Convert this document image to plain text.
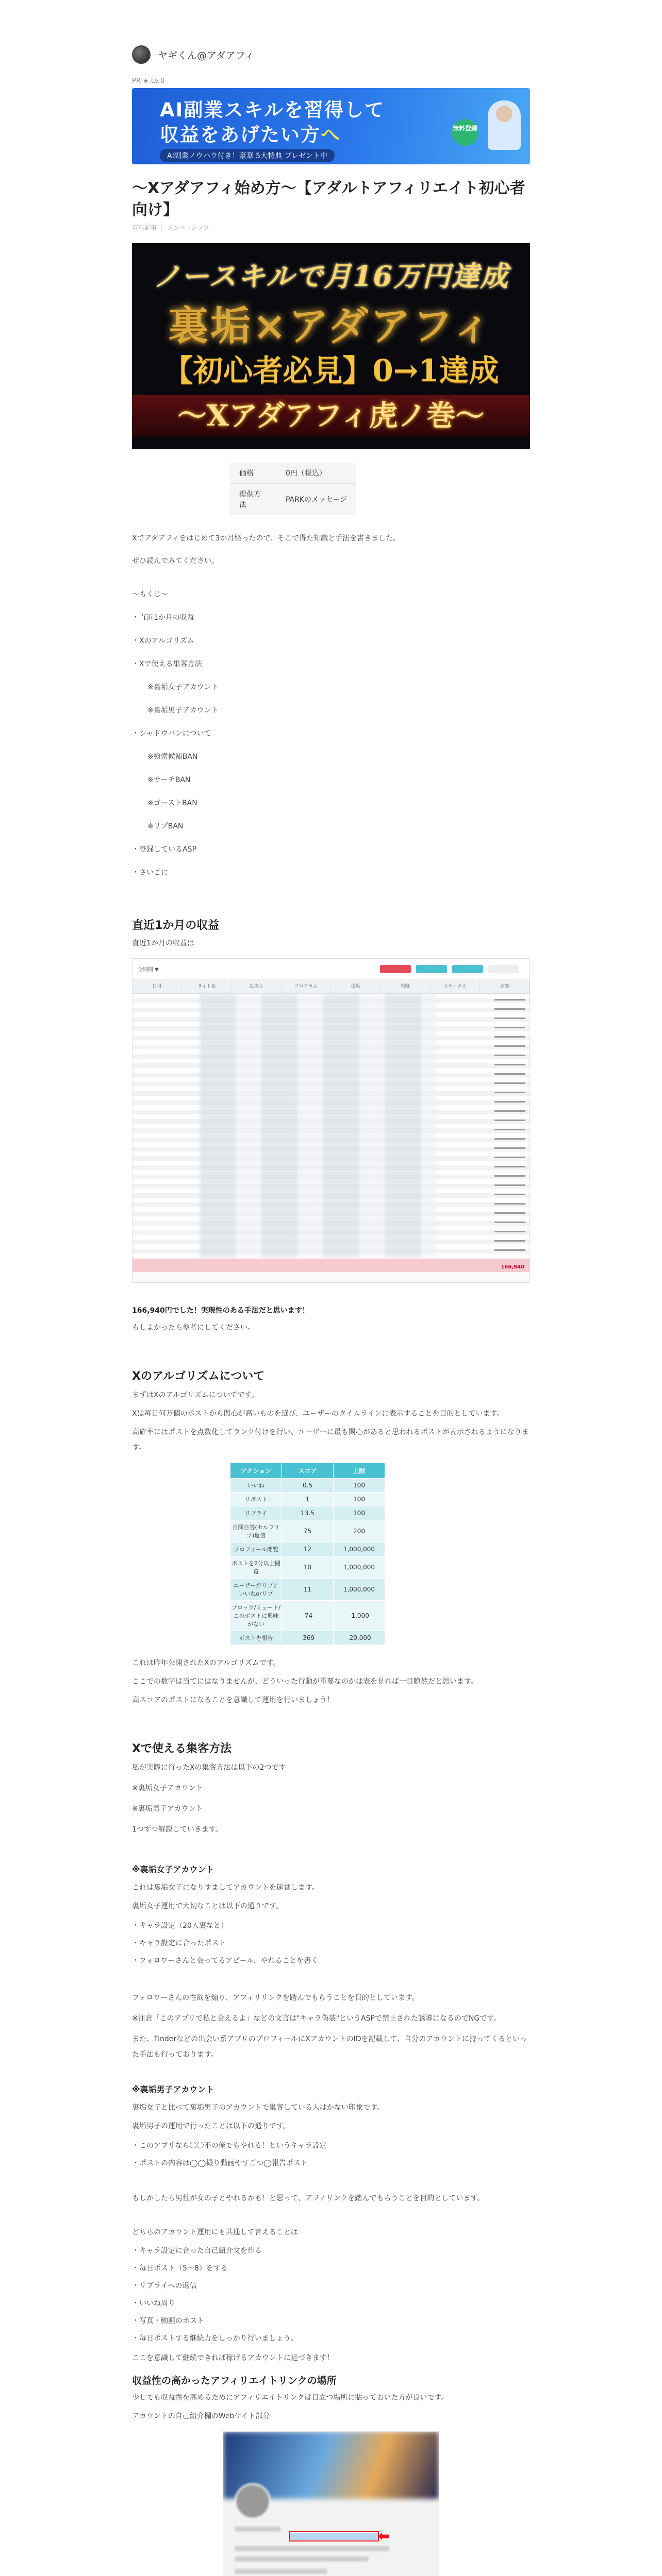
ヤギくん@アダアフィ
PR ★ Lv.0
AI副業スキルを習得して
収益をあげたい方へ
AI副業ノウハウ付き！豪華 5大特典 プレゼント中
無料登録
〜Xアダアフィ始め方〜【アダルトアフィリエイト初心者向け】
有料記事 ｜ メンバーシップ
ノースキルで月16万円達成
裏垢×アダアフィ
【初心者必見】0→1達成
〜Xアダアフィ虎ノ巻〜
価格	0円（税込）
提供方法	PARKのメッセージ

Xでアダアフィをはじめて3か月経ったので、そこで得た知識と手法を書きました。

ぜひ読んでみてください。

〜もくじ〜
・直近1か月の収益
・Xのアルゴリズム
・Xで使える集客方法
※裏垢女子アカウント
※裏垢男子アカウント
・シャドウバンについて
※検索候補BAN
※サーチBAN
※ゴーストBAN
※リプBAN
・登録しているASP
・さいごに
直近1か月の収益

直近1か月の収益は

全期間 ▼
日付	サイト名	広告主	プログラム	成果	報酬	ステータス	金額
166,940

166,940円でした！実現性のある手法だと思います！

もしよかったら参考にしてください。

Xのアルゴリズムについて

まずはXのアルゴリズムについてです。

Xは毎日何万個のポストから関心が高いものを選び、ユーザーのタイムラインに表示することを目的としています。

高確率にはポストを点数化してランク付けを行い、ユーザーに最も関心があると思われるポストが表示されるようになります。

アクション	スコア	上限
いいね	0.5	100
リポスト	1	100
リプライ	13.5	100
自問自答(セルフリプ)返信	75	200
プロフィール閲覧	12	1,000,000
ポストを2分以上閲覧	10	1,000,000
ユーザーがリプにいいねorリプ	11	1,000,000
ブロック/ミュート/このポストに興味がない	-74	-1,000
ポストを報告	-369	-20,000

これは昨年公開されたXのアルゴリズムです。

ここでの数字は当てにはなりませんが、どういった行動が重要なのかは表を見れば一目瞭然だと思います。

高スコアのポストになることを意識して運用を行いましょう！

Xで使える集客方法

私が実際に行ったXの集客方法は以下の2つです

※裏垢女子アカウント

※裏垢男子アカウント

1つずつ解説していきます。

※裏垢女子アカウント

これは裏垢女子になりすましてアカウントを運営します。

裏垢女子運用で大切なことは以下の通りです。

・キャラ設定（20人裏なと）
・キャラ設定に合ったポスト
・フォロワーさんと会ってるアピール、やれることを書く

フォロワーさんの性欲を煽り、アフィリリンクを踏んでもらうことを目的としています。

※注意「このアプリで私と会えるよ」などの文言は"キャラ偽装"というASPで禁止された誘導になるのでNGです。

また、Tinderなどの出会い系アプリのプロフィールにXアカウントのIDを記載して、自分のアカウントに持ってくるといった手法も行っております。

※裏垢男子アカウント

裏垢女子と比べて裏垢男子のアカウントで集客している人はかない印象です。

裏垢男子の運用で行ったことは以下の通りです。

・このアプリなら〇〇不の俺でもやれる！というキャラ設定
・ポストの内容は◯◯撮り動画やすごつ◯報告ポスト

もしかしたら男性が女の子とやれるかも！と思って、アフィリンクを踏んでもらうことを目的としています。

どちらのアカウント運用にも共通して言えることは

・キャラ設定に合った自己紹介文を作る
・毎日ポスト（5〜8）をする
・リプライへの返信
・いいね周り
・写真・動画のポスト
・毎日ポストする継続力をしっかり行いましょう。

ここを意識して継続できれば稼げるアカウントに近づきます！

収益性の高かったアフィリエイトリンクの場所

少しでも収益性を高めるためにアフィリエイトリンクは目立つ場所に貼っておいた方が良いです。

アカウントの自己紹介欄のWebサイト部分

⬅
